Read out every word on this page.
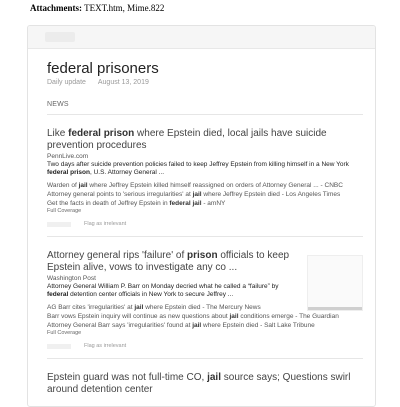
Attachments: TEXT.htm, Mime.822
federal prisoners
Daily update August 13, 2019
NEWS
Like federal prison where Epstein died, local jails have suicide prevention procedures
PennLive.com
Two days after suicide prevention policies failed to keep Jeffrey Epstein from killing himself in a New York federal prison, U.S. Attorney General ...
Warden of jail where Jeffrey Epstein killed himself reassigned on orders of Attorney General ... - CNBC
Attorney general points to 'serious irregularities' at jail where Jeffrey Epstein died - Los Angeles Times
Get the facts in death of Jeffrey Epstein in federal jail - amNY
Full Coverage
Flag as irrelevant
Attorney general rips 'failure' of prison officials to keep Epstein alive, vows to investigate any co ...
Washington Post
Attorney General William P. Barr on Monday decried what he called a “failure” by federal detention center officials in New York to secure Jeffrey ...
AG Barr cites 'irregularities' at jail where Epstein died - The Mercury News
Barr vows Epstein inquiry will continue as new questions about jail conditions emerge - The Guardian
Attorney General Barr says 'irregularities' found at jail where Epstein died - Salt Lake Tribune
Full Coverage
Flag as irrelevant
Epstein guard was not full-time CO, jail source says; Questions swirl around detention center
